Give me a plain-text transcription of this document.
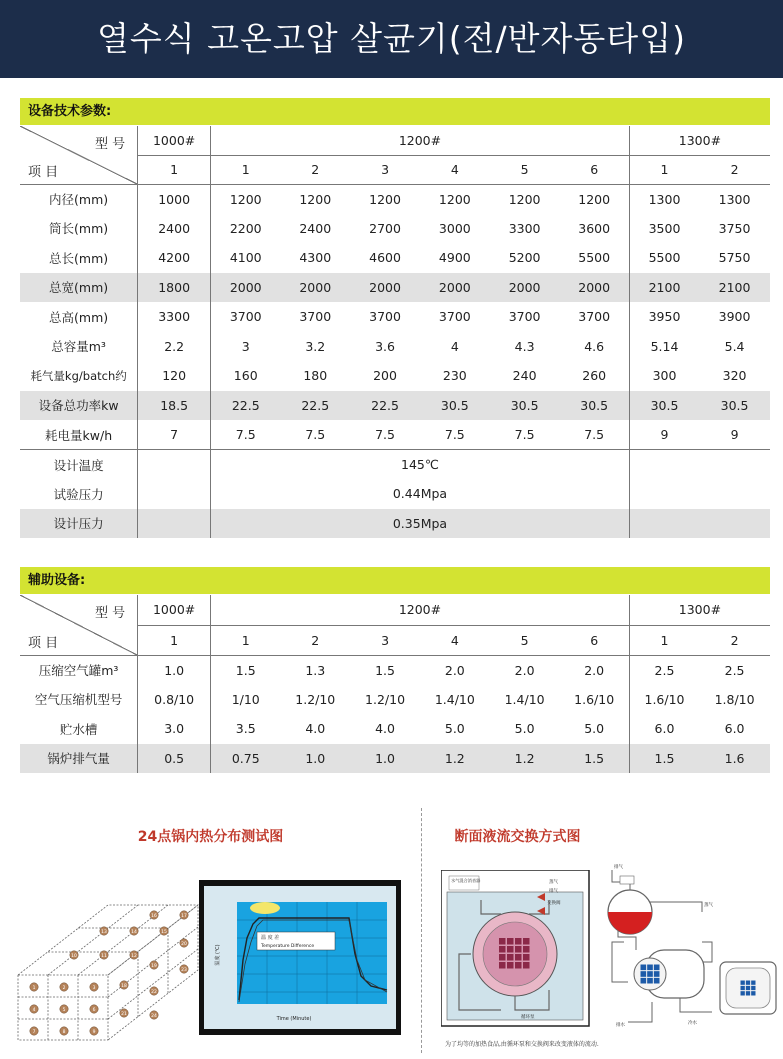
열수식 고온고압 살균기(전/반자동타입)
设备技术参数:
型 号
项 目	1000#	1200#						1300#	
	1	1	2	3	4	5	6	1	2
内径(mm)	1000	1200	1200	1200	1200	1200	1200	1300	1300
筒长(mm)	2400	2200	2400	2700	3000	3300	3600	3500	3750
总长(mm)	4200	4100	4300	4600	4900	5200	5500	5500	5750
总宽(mm)	1800	2000	2000	2000	2000	2000	2000	2100	2100
总高(mm)	3300	3700	3700	3700	3700	3700	3700	3950	3900
总容量m³	2.2	3	3.2	3.6	4	4.3	4.6	5.14	5.4
耗气量kg/batch约	120	160	180	200	230	240	260	300	320
设备总功率kw	18.5	22.5	22.5	22.5	30.5	30.5	30.5	30.5	30.5
耗电量kw/h	7	7.5	7.5	7.5	7.5	7.5	7.5	9	9
设计温度		145℃							
试验压力		0.44Mpa							
设计压力		0.35Mpa							
辅助设备:
型 号
项 目	1000#	1200#						1300#	
	1	1	2	3	4	5	6	1	2
压缩空气罐m³	1.0	1.5	1.3	1.5	2.0	2.0	2.0	2.5	2.5
空气压缩机型号	0.8/10	1/10	1.2/10	1.2/10	1.4/10	1.4/10	1.6/10	1.6/10	1.8/10
贮水槽	3.0	3.5	4.0	4.0	5.0	5.0	5.0	6.0	6.0
锅炉排气量	0.5	0.75	1.0	1.0	1.2	1.2	1.5	1.5	1.6
24点锅内热分布测试图	断面液流交换方式图
1	2	3
4	5	6
7	8	9
10	11	12
13	14	15
16	17
18
19
20
21
22
23
24
温 度 差
Temperature Difference
Time (Minute)
温度 (℃)
水气混合消音器	蒸气
排气
交换阀
循环泵
为了均等的加热食品,由循环泵和交换阀来改变液体的流动.
排气
蒸气
冷水
排水
